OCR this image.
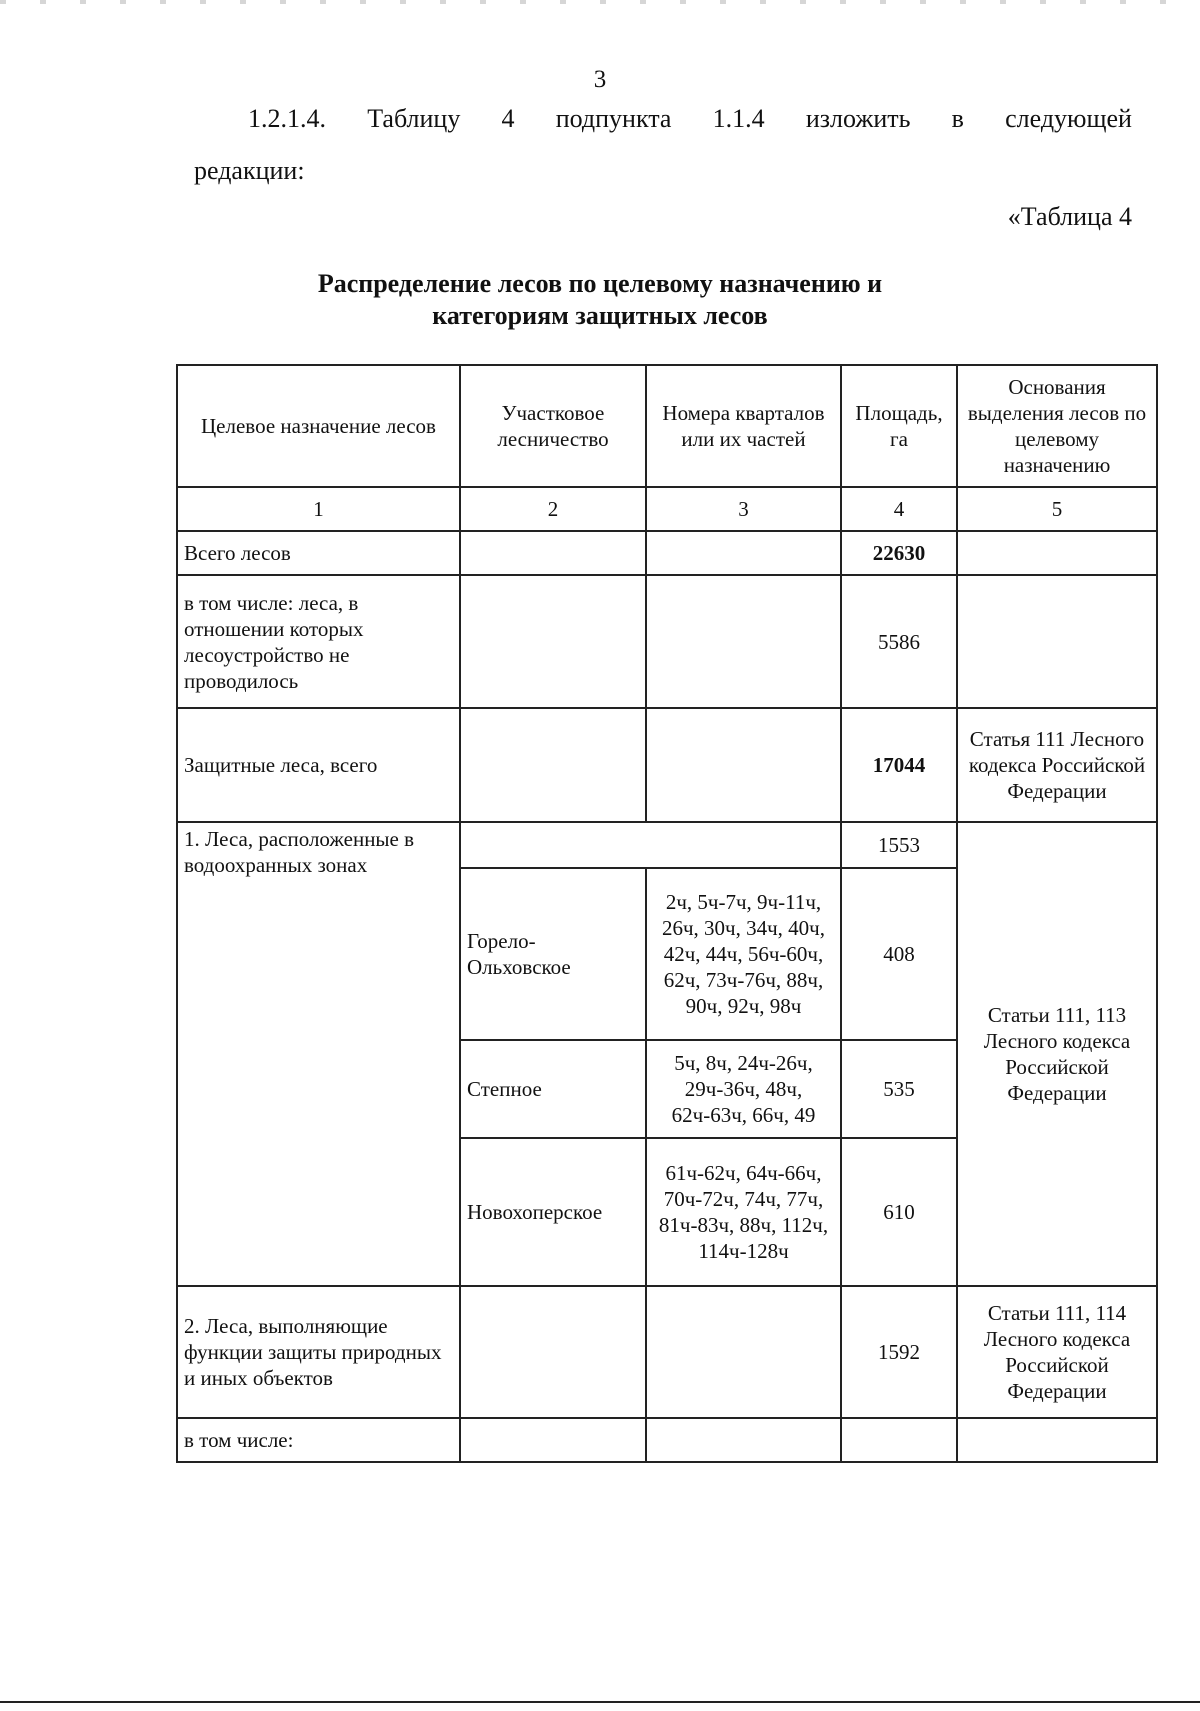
3
1.2.1.4. Таблицу 4 подпункта 1.1.4 изложить в следующей
редакции:
«Таблица 4
Распределение лесов по целевому назначению и
категориям защитных лесов
Целевое назначение лесов	Участковое лесничество	Номера кварталов или их частей	Площадь, га	Основания выделения лесов по целевому назначению
1	2	3	4	5
Всего лесов			22630	
в том числе: леса, в отношении которых лесоустройство не проводилось			5586	
Защитные леса, всего			17044	Статья 111 Лесного кодекса Российской Федерации
1. Леса, расположенные в водоохранных зонах			1553	Статьи 111, 113 Лесного кодекса Российской Федерации
	Горело-Ольховское	2ч, 5ч-7ч, 9ч-11ч, 26ч, 30ч, 34ч, 40ч, 42ч, 44ч, 56ч-60ч, 62ч, 73ч-76ч, 88ч, 90ч, 92ч, 98ч	408	
	Степное	5ч, 8ч, 24ч-26ч, 29ч-36ч, 48ч, 62ч-63ч, 66ч, 49	535	
	Новохоперское	61ч-62ч, 64ч-66ч, 70ч-72ч, 74ч, 77ч, 81ч-83ч, 88ч, 112ч, 114ч-128ч	610	
2. Леса, выполняющие функции защиты природных и иных объектов			1592	Статьи 111, 114 Лесного кодекса Российской Федерации
в том числе:				
